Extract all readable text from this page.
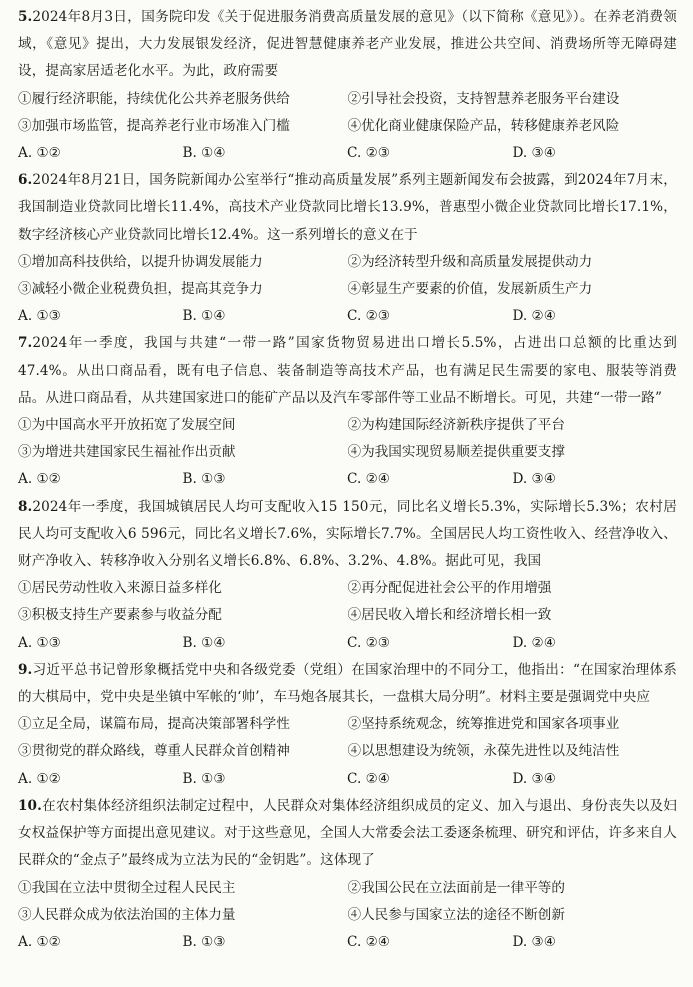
5.2024年8月3日，国务院印发《关于促进服务消费高质量发展的意见》（以下简称《意见》）。在养老消费领域，《意见》提出，大力发展银发经济，促进智慧健康养老产业发展，推进公共空间、消费场所等无障碍建设，提高家居适老化水平。为此，政府需要
①履行经济职能，持续优化公共养老服务供给	②引导社会投资，支持智慧养老服务平台建设
③加强市场监管，提高养老行业市场准入门槛	④优化商业健康保险产品，转移健康养老风险
A. ①②	B. ①④	C. ②③	D. ③④
6.2024年8月21日，国务院新闻办公室举行“推动高质量发展”系列主题新闻发布会披露，到2024年7月末，我国制造业贷款同比增长11.4%，高技术产业贷款同比增长13.9%，普惠型小微企业贷款同比增长17.1%，数字经济核心产业贷款同比增长12.4%。这一系列增长的意义在于
①增加高科技供给，以提升协调发展能力	②为经济转型升级和高质量发展提供动力
③减轻小微企业税费负担，提高其竞争力	④彰显生产要素的价值，发展新质生产力
A. ①③	B. ①④	C. ②③	D. ②④
7.2024年一季度，我国与共建“一带一路”国家货物贸易进出口增长5.5%，占进出口总额的比重达到47.4%。从出口商品看，既有电子信息、装备制造等高技术产品，也有满足民生需要的家电、服装等消费品。从进口商品看，从共建国家进口的能矿产品以及汽车零部件等工业品不断增长。可见，共建“一带一路”
①为中国高水平开放拓宽了发展空间	②为构建国际经济新秩序提供了平台
③为增进共建国家民生福祉作出贡献	④为我国实现贸易顺差提供重要支撑
A. ①②	B. ①③	C. ②④	D. ③④
8.2024年一季度，我国城镇居民人均可支配收入15 150元，同比名义增长5.3%，实际增长5.3%；农村居民人均可支配收入6 596元，同比名义增长7.6%，实际增长7.7%。全国居民人均工资性收入、经营净收入、财产净收入、转移净收入分别名义增长6.8%、6.8%、3.2%、4.8%。据此可见，我国
①居民劳动性收入来源日益多样化	②再分配促进社会公平的作用增强
③积极支持生产要素参与收益分配	④居民收入增长和经济增长相一致
A. ①③	B. ①④	C. ②③	D. ②④
9.习近平总书记曾形象概括党中央和各级党委（党组）在国家治理中的不同分工，他指出：“在国家治理体系的大棋局中，党中央是坐镇中军帐的‘帅’，车马炮各展其长，一盘棋大局分明”。材料主要是强调党中央应
①立足全局，谋篇布局，提高决策部署科学性	②坚持系统观念，统筹推进党和国家各项事业
③贯彻党的群众路线，尊重人民群众首创精神	④以思想建设为统领，永葆先进性以及纯洁性
A. ①②	B. ①③	C. ②④	D. ③④
10.在农村集体经济组织法制定过程中，人民群众对集体经济组织成员的定义、加入与退出、身份丧失以及妇女权益保护等方面提出意见建议。对于这些意见，全国人大常委会法工委逐条梳理、研究和评估，许多来自人民群众的“金点子”最终成为立法为民的“金钥匙”。这体现了
①我国在立法中贯彻全过程人民民主	②我国公民在立法面前是一律平等的
③人民群众成为依法治国的主体力量	④人民参与国家立法的途径不断创新
A. ①②	B. ①③	C. ②④	D. ③④
